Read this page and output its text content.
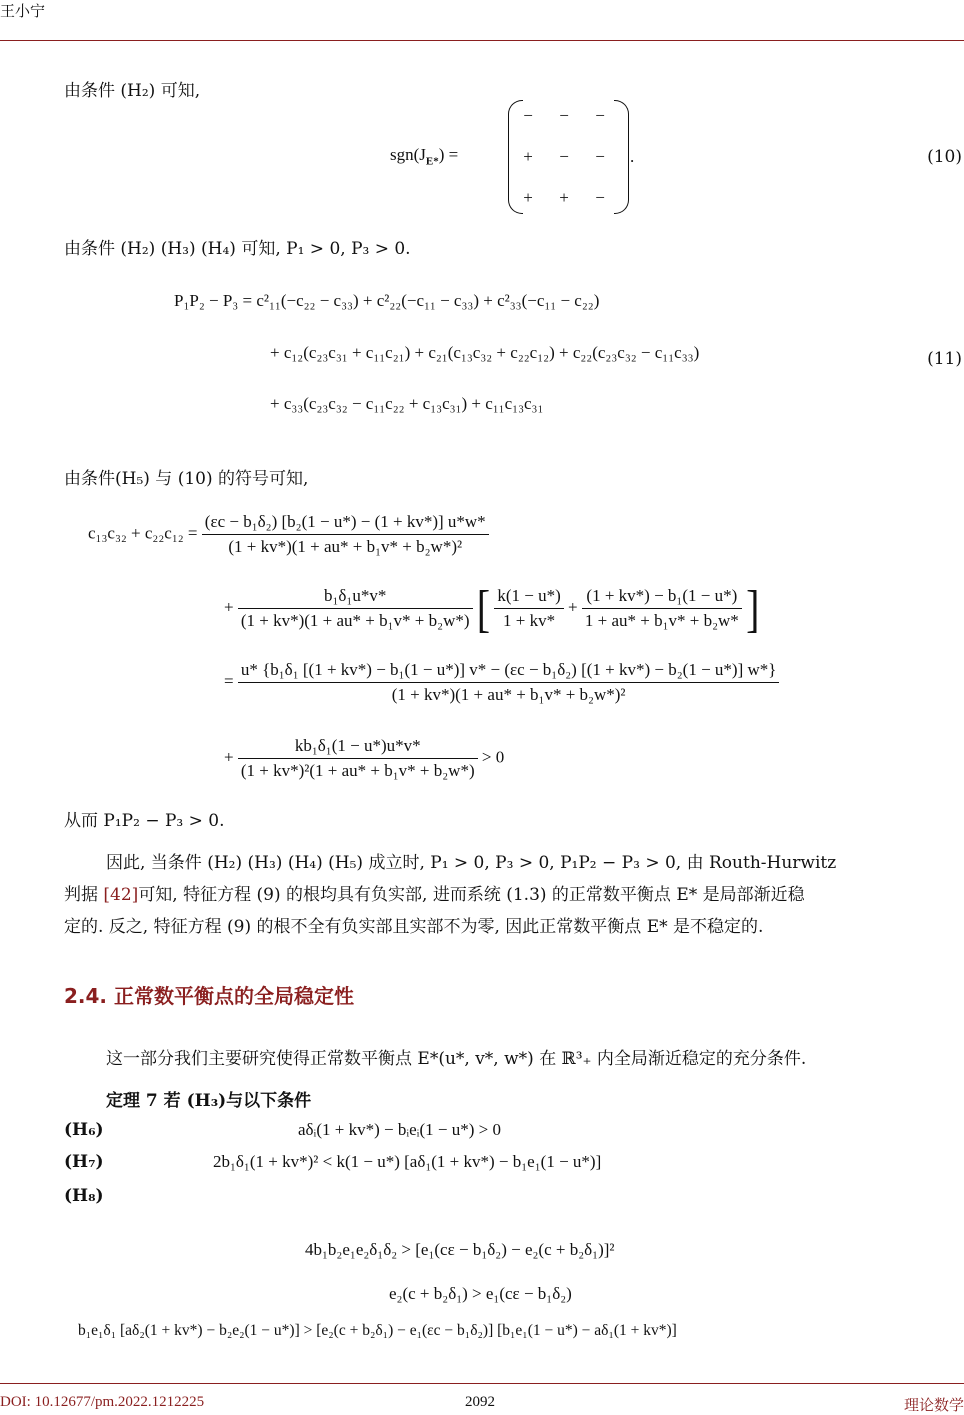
王小宁
DOI: 10.12677/pm.2022.1212225	2092	理论数学
由条件 (H₂) 可知,
$sgn(J_{E*})$ =
−	−	−
+	−	−
+	+	−
.	(10)
由条件 (H₂) (H₃) (H₄) 可知, P₁ > 0, P₃ > 0.
P₁P₂ − P₃ = c²₁₁(−c₂₂ − c₃₃) + c²₂₂(−c₁₁ − c₃₃) + c²₃₃(−c₁₁ − c₂₂)
+ c₁₂(c₂₃c₃₁ + c₁₁c₂₁) + c₂₁(c₁₃c₃₂ + c₂₂c₁₂) + c₂₂(c₂₃c₃₂ − c₁₁c₃₃)
+ c₃₃(c₂₃c₃₂ − c₁₁c₂₂ + c₁₃c₃₁) + c₁₁c₁₃c₃₁
(11)
由条件(H₅) 与 (10) 的符号可知,
$c_{13}c_{32} + c_{22}c_{12} = \frac{\text{(εc − b₁δ₂) [b₂(1 − u*) − (1 + kv*)] u*w*}}{\text{(1 + kv*)(1 + au* + b₁v* + b₂w*)²}}$
+ $\frac{\text{b₁δ₁u*v*}}{\text{(1 + kv*)(1 + au* + b₁v* + b₂w*)}}$ [ $\frac{k(1 - u*)}{1 + kv*} + \frac{\text{(1 + kv*) − b₁(1 − u*)}}{\text{1 + au* + b₁v* + b₂w*}}$ ]
=
u* {b₁δ₁ [(1 + kv*) − b₁(1 − u*)] v* − (εc − b₁δ₂) [(1 + kv*) − b₂(1 − u*)] w*}
(1 + kv*)(1 + au* + b₁v* + b₂w*)²
+ $\frac{\text{kb₁δ₁(1 − u*)u*v*}}{\text{(1 + kv*)²(1 + au* + b₁v* + b₂w*)}} > 0$
从而 P₁P₂ − P₃ > 0.
因此, 当条件 (H₂) (H₃) (H₄) (H₅) 成立时, P₁ > 0, P₃ > 0, P₁P₂ − P₃ > 0, 由 Routh-Hurwitz
判据 [42]可知, 特征方程 (9) 的根均具有负实部, 进而系统 (1.3) 的正常数平衡点 E* 是局部渐近稳
定的. 反之, 特征方程 (9) 的根不全有负实部且实部不为零, 因此正常数平衡点 E* 是不稳定的.
2.4. 正常数平衡点的全局稳定性
这一部分我们主要研究使得正常数平衡点 E*(u*, v*, w*) 在 ℝ³₊ 内全局渐近稳定的充分条件.
定理 7 若 (H₃)与以下条件
(H₆)	aδᵢ(1 + kv*) − bᵢeᵢ(1 − u*) > 0
(H₇)	2b₁δ₁(1 + kv*)² < k(1 − u*) [aδ₁(1 + kv*) − b₁e₁(1 − u*)]
(H₈)
4b₁b₂e₁e₂δ₁δ₂ > [e₁(cε − b₁δ₂) − e₂(c + b₂δ₁)]²
e₂(c + b₂δ₁) > e₁(cε − b₁δ₂)
b₁e₁δ₁ [aδ₂(1 + kv*) − b₂e₂(1 − u*)] > [e₂(c + b₂δ₁) − e₁(εc − b₁δ₂)] [b₁e₁(1 − u*) − aδ₁(1 + kv*)]
